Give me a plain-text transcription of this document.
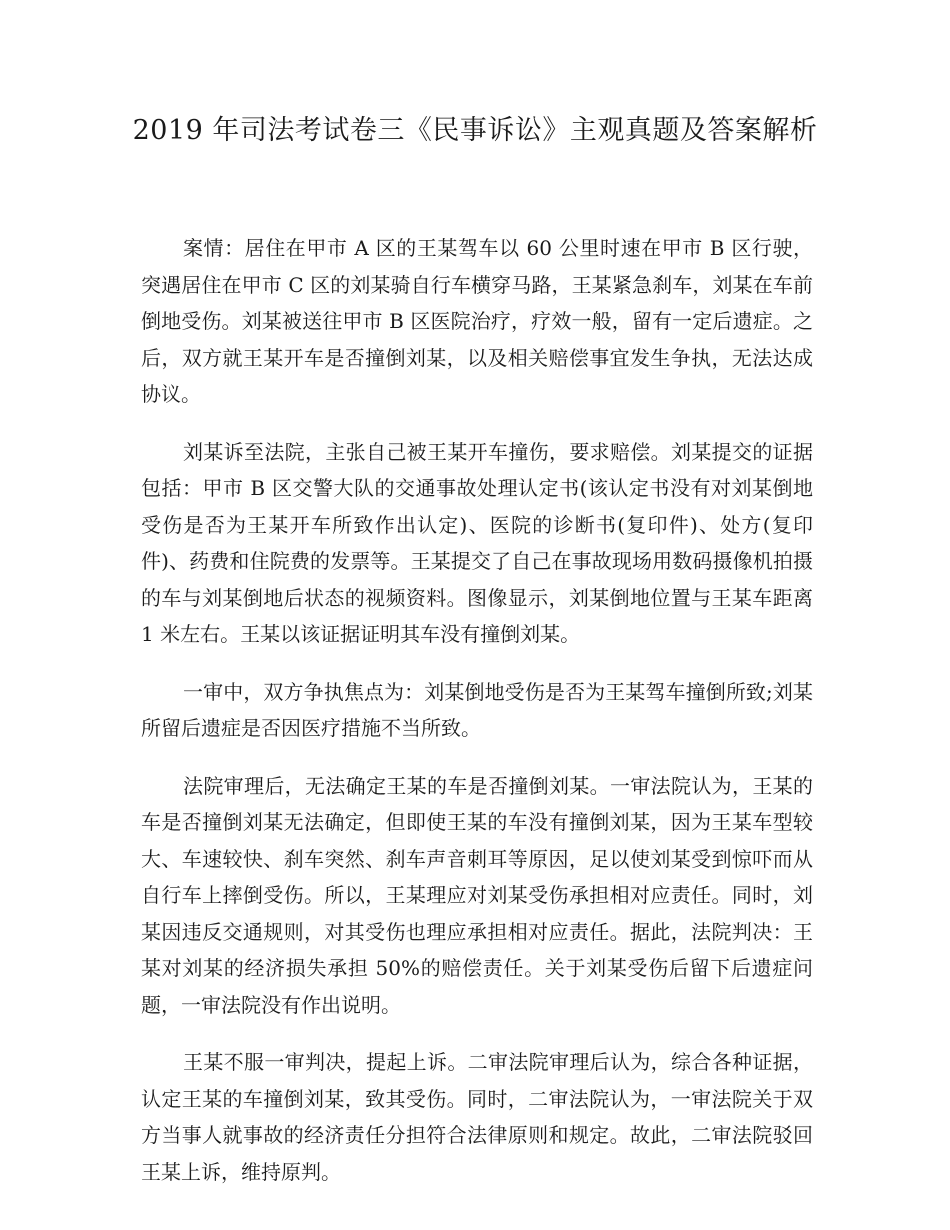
2019 年司法考试卷三《民事诉讼》主观真题及答案解析

案情：居住在甲市 A 区的王某驾车以 60 公里时速在甲市 B 区行驶，突遇居住在甲市 C 区的刘某骑自行车横穿马路，王某紧急刹车，刘某在车前倒地受伤。刘某被送往甲市 B 区医院治疗，疗效一般，留有一定后遗症。之后，双方就王某开车是否撞倒刘某，以及相关赔偿事宜发生争执，无法达成协议。

刘某诉至法院，主张自己被王某开车撞伤，要求赔偿。刘某提交的证据包括：甲市 B 区交警大队的交通事故处理认定书(该认定书没有对刘某倒地受伤是否为王某开车所致作出认定)、医院的诊断书(复印件)、处方(复印件)、药费和住院费的发票等。王某提交了自己在事故现场用数码摄像机拍摄的车与刘某倒地后状态的视频资料。图像显示，刘某倒地位置与王某车距离 1 米左右。王某以该证据证明其车没有撞倒刘某。

一审中，双方争执焦点为：刘某倒地受伤是否为王某驾车撞倒所致;刘某所留后遗症是否因医疗措施不当所致。

法院审理后，无法确定王某的车是否撞倒刘某。一审法院认为，王某的车是否撞倒刘某无法确定，但即使王某的车没有撞倒刘某，因为王某车型较大、车速较快、刹车突然、刹车声音刺耳等原因，足以使刘某受到惊吓而从自行车上摔倒受伤。所以，王某理应对刘某受伤承担相对应责任。同时，刘某因违反交通规则，对其受伤也理应承担相对应责任。据此，法院判决：王某对刘某的经济损失承担 50%的赔偿责任。关于刘某受伤后留下后遗症问题，一审法院没有作出说明。

王某不服一审判决，提起上诉。二审法院审理后认为，综合各种证据，认定王某的车撞倒刘某，致其受伤。同时，二审法院认为，一审法院关于双方当事人就事故的经济责任分担符合法律原则和规定。故此，二审法院驳回王某上诉，维持原判。
